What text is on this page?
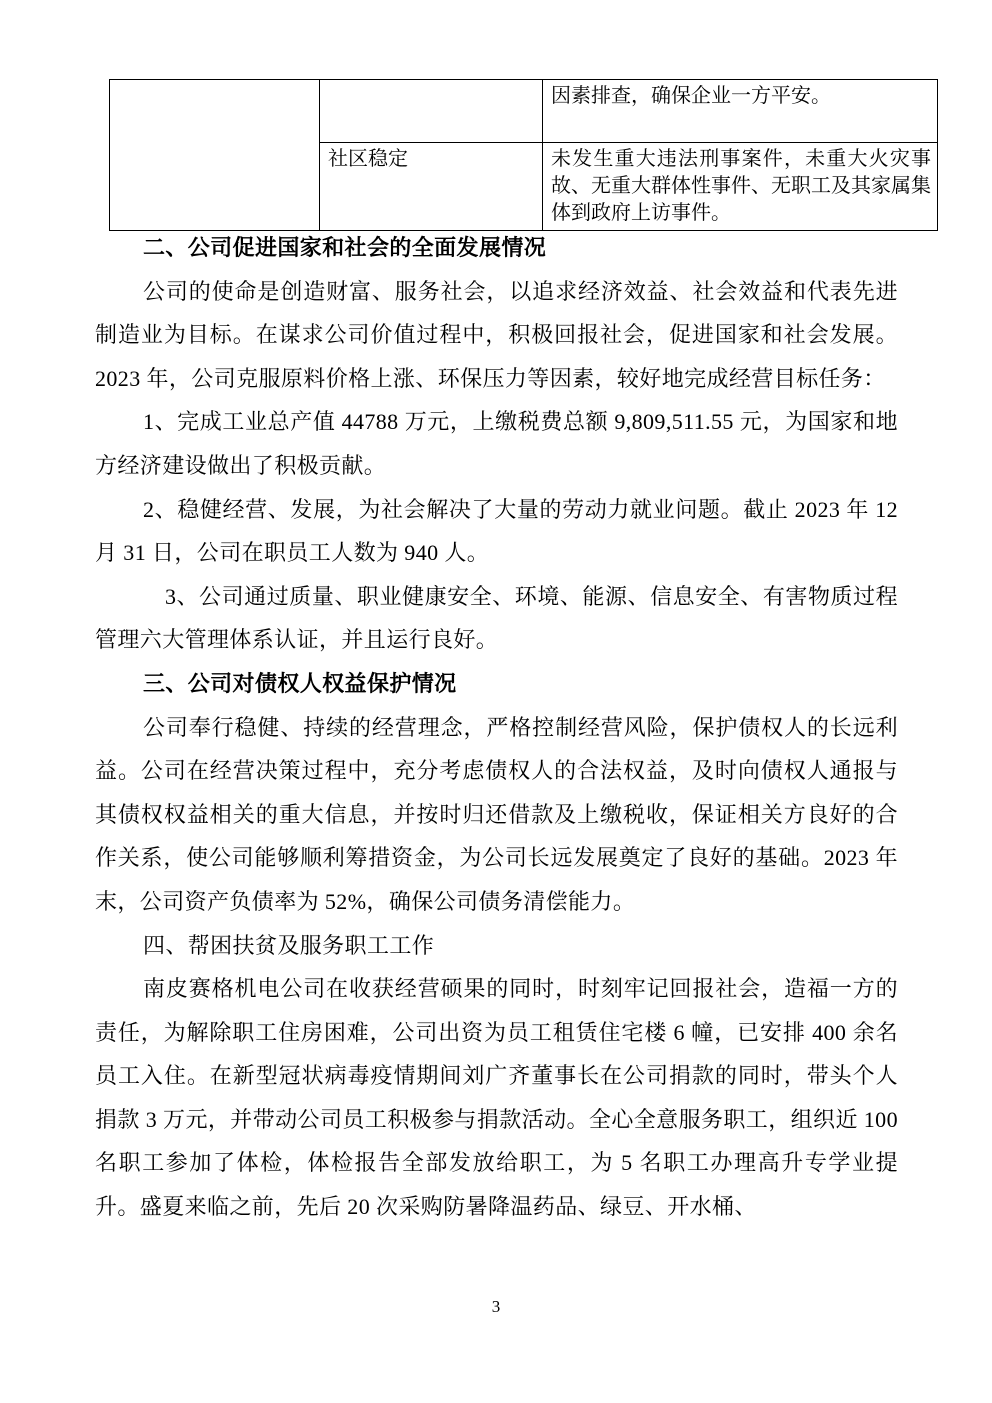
		因素排查，确保企业一方平安。
	社区稳定	未发生重大违法刑事案件，未重大火灾事故、无重大群体性事件、无职工及其家属集体到政府上访事件。

二、公司促进国家和社会的全面发展情况

公司的使命是创造财富、服务社会，以追求经济效益、社会效益和代表先进制造业为目标。在谋求公司价值过程中，积极回报社会，促进国家和社会发展。2023 年，公司克服原料价格上涨、环保压力等因素，较好地完成经营目标任务：

1、完成工业总产值 44788 万元，上缴税费总额 9,809,511.55 元，为国家和地方经济建设做出了积极贡献。

2、稳健经营、发展，为社会解决了大量的劳动力就业问题。截止 2023 年 12 月 31 日，公司在职员工人数为 940 人。

3、公司通过质量、职业健康安全、环境、能源、信息安全、有害物质过程管理六大管理体系认证，并且运行良好。

三、公司对债权人权益保护情况

公司奉行稳健、持续的经营理念，严格控制经营风险，保护债权人的长远利益。公司在经营决策过程中，充分考虑债权人的合法权益，及时向债权人通报与其债权权益相关的重大信息，并按时归还借款及上缴税收，保证相关方良好的合作关系，使公司能够顺利筹措资金，为公司长远发展奠定了良好的基础。2023 年末，公司资产负债率为 52%，确保公司债务清偿能力。

四、帮困扶贫及服务职工工作

南皮赛格机电公司在收获经营硕果的同时，时刻牢记回报社会，造福一方的责任，为解除职工住房困难，公司出资为员工租赁住宅楼 6 幢，已安排 400 余名员工入住。在新型冠状病毒疫情期间刘广齐董事长在公司捐款的同时，带头个人捐款 3 万元，并带动公司员工积极参与捐款活动。全心全意服务职工，组织近 100 名职工参加了体检，体检报告全部发放给职工，为 5 名职工办理高升专学业提升。盛夏来临之前，先后 20 次采购防暑降温药品、绿豆、开水桶、

3
